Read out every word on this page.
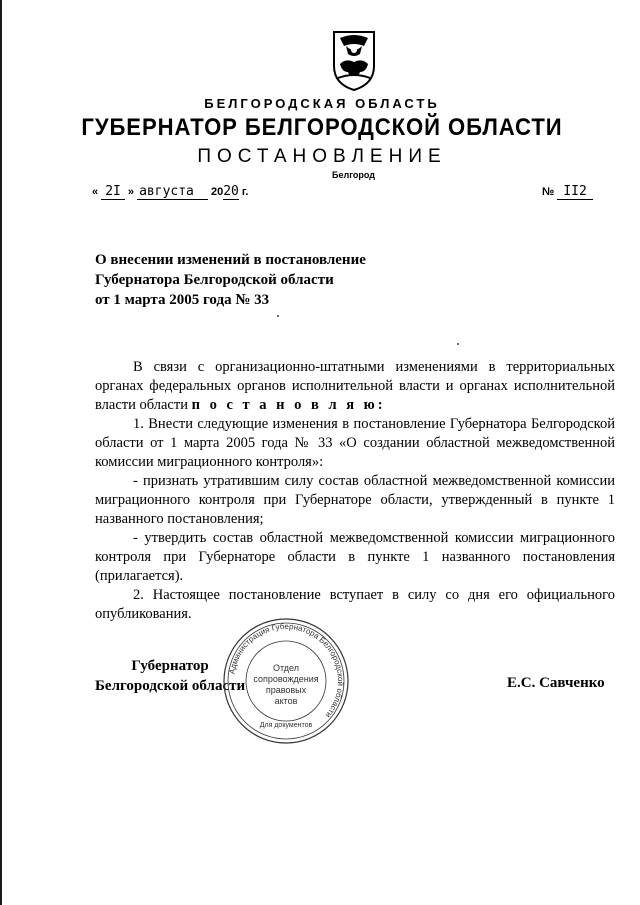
БЕЛГОРОДСКАЯ ОБЛАСТЬ
ГУБЕРНАТОР БЕЛГОРОДСКОЙ ОБЛАСТИ
ПОСТАНОВЛЕНИЕ
Белгород
« 2I » августа 2020 г.	№ II2
О внесении изменений в постановление
Губернатора Белгородской области
от 1 марта 2005 года № 33

В связи с организационно-штатными изменениями в территориальных органах федеральных органов исполнительной власти и органах исполнительной власти области п о с т а н о в л я ю:

1. Внести следующие изменения в постановление Губернатора Белгородской области от 1 марта 2005 года № 33 «О создании областной межведомственной комиссии миграционного контроля»:

- признать утратившим силу состав областной межведомственной комиссии миграционного контроля при Губернаторе области, утвержденный в пункте 1 названного постановления;

- утвердить состав областной межведомственной комиссии миграционного контроля при Губернаторе области в пункте 1 названного постановления (прилагается).

2. Настоящее постановление вступает в силу со дня его официального опубликования.

Губернатор
Белгородской области
Администрация Губернатора Белгородской области
Отдел
сопровождения
правовых
актов
Для документов
Е.С. Савченко
